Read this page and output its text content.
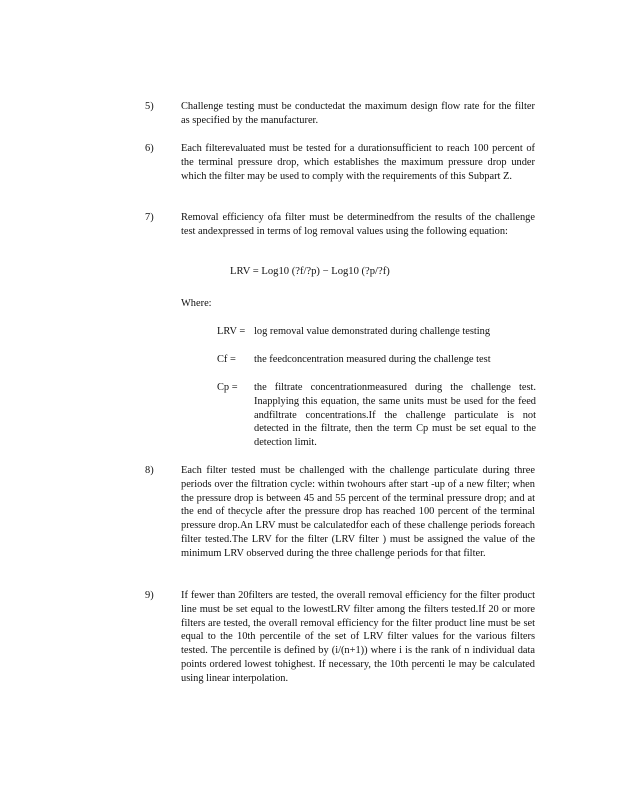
5)	Challenge testing must be conductedat the maximum design flow rate for the filter as specified by the manufacturer.
6)	Each filterevaluated must be tested for a durationsufficient to reach 100 percent of the terminal pressure drop, which establishes the maximum pressure drop under which the filter may be used to comply with the requirements of this Subpart Z.
7)	Removal efficiency ofa filter must be determinedfrom the results of the challenge test andexpressed in terms of log removal values using the following equation:
LRV = Log10 (?f/?p) − Log10 (?p/?f)
Where:
LRV = log removal value demonstrated during challenge testing
Cf = the feedconcentration measured during the challenge test
Cp = the filtrate concentrationmeasured during the challenge test. Inapplying this equation, the same units must be used for the feed andfiltrate concentrations.If the challenge particulate is not detected in the filtrate, then the term Cp must be set equal to the detection limit.
8)	Each filter tested must be challenged with the challenge particulate during three periods over the filtration cycle: within twohours after start -up of a new filter; when the pressure drop is between 45 and 55 percent of the terminal pressure drop; and at the end of thecycle after the pressure drop has reached 100 percent of the terminal pressure drop.An LRV must be calculatedfor each of these challenge periods foreach filter tested.The LRV for the filter (LRV filter ) must be assigned the value of the minimum LRV observed during the three challenge periods for that filter.
9)	If fewer than 20filters are tested, the overall removal efficiency for the filter product line must be set equal to the lowestLRV filter among the filters tested.If 20 or more filters are tested, the overall removal efficiency for the filter product line must be set equal to the 10th percentile of the set of LRV filter values for the various filters tested. The percentile is defined by (i/(n+1)) where i is the rank of n individual data points ordered lowest tohighest. If necessary, the 10th percenti le may be calculated using linear interpolation.
